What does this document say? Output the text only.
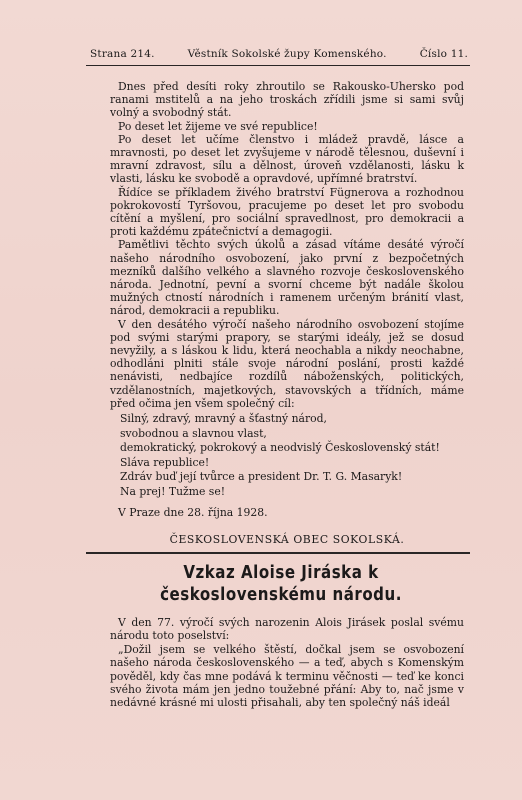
Strana 214.	Věstník Sokolské župy Komenského.	Číslo 11.

Dnes před desíti roky zhroutilo se Rakousko-Uhersko pod ranami mstitelů a na jeho troskách zřídili jsme si sami svůj volný a svobodný stát.

Po deset let žijeme ve své republice!

Po deset let učíme členstvo i mládež pravdě, lásce a mravnosti, po deset let zvyšujeme v národě tělesnou, duševní i mravní zdravost, sílu a dělnost, úroveň vzdělanosti, lásku k vlasti, lásku ke svobodě a opravdové, upřímné bratrství.

Řídíce se příkladem živého bratrství Fügnerova a rozhodnou pokrokovostí Tyršovou, pracujeme po deset let pro svobodu cítění a myšlení, pro sociální spravedlnost, pro demokracii a proti každému zpátečnictví a demagogii.

Pamětlivi těchto svých úkolů a zásad vítáme desáté výročí našeho národního osvobození, jako první z bezpočetných mezníků dalšího velkého a slavného rozvoje československého národa. Jednotní, pevní a svorní chceme být nadále školou mužných ctností národních i ramenem určeným bránití vlast, národ, demokracii a republiku.

V den desátého výročí našeho národního osvobození stojíme pod svými starými prapory, se starými ideály, jež se dosud nevyžily, a s láskou k lidu, která neochabla a nikdy neochabne, odhodláni plniti stále svoje národní poslání, prosti každé nenávisti, nedbajíce rozdílů náboženských, politických, vzdělanostních, majetkových, stavovských a třídních, máme před očima jen všem společný cíl:

Silný, zdravý, mravný a šťastný národ,
svobodnou a slavnou vlast,
demokratický, pokrokový a neodvislý Československý stát!
Sláva republice!
Zdráv buď její tvůrce a president Dr. T. G. Masaryk!
Na prej! Tužme se!

V Praze dne 28. října 1928.

ČESKOSLOVENSKÁ OBEC SOKOLSKÁ.

Vzkaz Aloise Jiráska k československému národu.

V den 77. výročí svých narozenin Alois Jirásek poslal svému národu toto poselství:

„Dožil jsem se velkého štěstí, dočkal jsem se osvobození našeho národa československého — a teď, abych s Komenským pověděl, kdy čas mne podává k terminu věčnosti — teď ke konci svého života mám jen jedno toužebné přání: Aby to, nač jsme v nedávné krásné mi ulosti přisahali, aby ten společný náš ideál
